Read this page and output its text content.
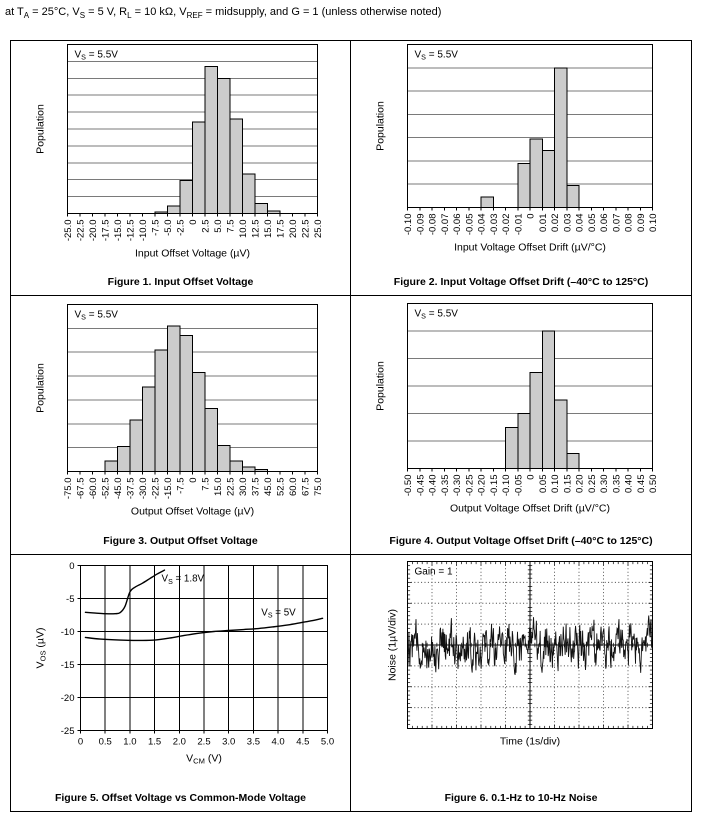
at $T_A = 25^\circ C$, $V_S = 5$ V, $R_L = 10$ kΩ, $V_{REF}$ = midsupply, and G = 1 (unless otherwise noted)
-25.0 -22.5 -20.0 -17.5 -15.0 -12.5 -10.0 -7.5 -5.0 -2.5 0 2.5 5.0 7.5 10.0 12.5 15.0 17.5 20.0 22.5 25.0
Input Offset Voltage (µV)
Population
$V_S = 5.5V$
Figure 1. Input Offset Voltage
-0.10 -0.09 -0.08 -0.07 -0.06 -0.05 -0.04 -0.03 -0.02 -0.01 0 0.01 0.02 0.03 0.04 0.05 0.06 0.07 0.08 0.09 0.10
Input Voltage Offset Drift (µV/°C)
Population
$V_S = 5.5V$
Figure 2. Input Voltage Offset Drift (–40°C to 125°C)
-75.0 -67.5 -60.0 -52.5 -45.0 -37.5 -30.0 -22.5 -15.0 -7.5 0 7.5 15.0 22.5 30.0 37.5 45.0 52.5 60.0 67.5 75.0
Output Offset Voltage (µV)
Population
$V_S = 5.5V$
Figure 3. Output Offset Voltage
-0.50 -0.45 -0.40 -0.35 -0.30 -0.25 -0.20 -0.15 -0.10 -0.05 0 0.05 0.10 0.15 0.20 0.25 0.30 0.35 0.40 0.45 0.50
Output Voltage Offset Drift (µV/°C)
Population
$V_S = 5.5V$
Figure 4. Output Voltage Offset Drift (–40°C to 125°C)
0 0.5 1.0 1.5 2.0 2.5 3.0 3.5 4.0 4.5 5.0
0
-5
-10
-15
-20
-25
$V_S = 1.8V$
$V_S = 5V$
$V_{CM}$ (V)
$V_{OS}$ (µV)
Figure 5. Offset Voltage vs Common-Mode Voltage
Gain = 1
Time (1s/div)
Noise (1µV/div)
Figure 6. 0.1-Hz to 10-Hz Noise
